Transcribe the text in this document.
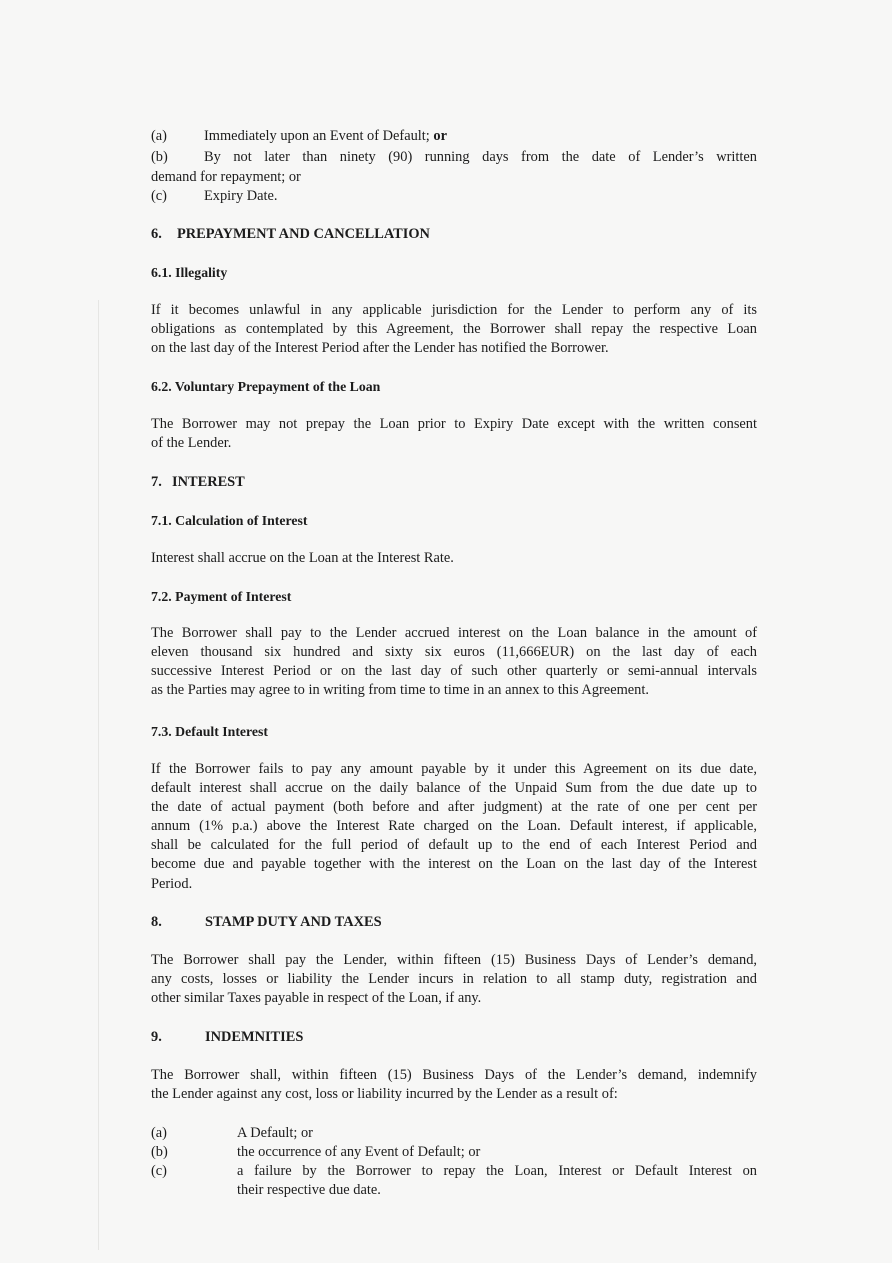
(a)	Immediately upon an Event of Default; or
(b)	By not later than ninety (90) running days from the date of Lender’s written
demand for repayment; or
(c)	Expiry Date.
6. PREPAYMENT AND CANCELLATION
6.1. Illegality
If it becomes unlawful in any applicable jurisdiction for the Lender to perform any of its
obligations as contemplated by this Agreement, the Borrower shall repay the respective Loan
on the last day of the Interest Period after the Lender has notified the Borrower.
6.2. Voluntary Prepayment of the Loan
The Borrower may not prepay the Loan prior to Expiry Date except with the written consent
of the Lender.
7. INTEREST
7.1. Calculation of Interest
Interest shall accrue on the Loan at the Interest Rate.
7.2. Payment of Interest
The Borrower shall pay to the Lender accrued interest on the Loan balance in the amount of
eleven thousand six hundred and sixty six euros (11,666EUR) on the last day of each
successive Interest Period or on the last day of such other quarterly or semi-annual intervals
as the Parties may agree to in writing from time to time in an annex to this Agreement.
7.3. Default Interest
If the Borrower fails to pay any amount payable by it under this Agreement on its due date,
default interest shall accrue on the daily balance of the Unpaid Sum from the due date up to
the date of actual payment (both before and after judgment) at the rate of one per cent per
annum (1% p.a.) above the Interest Rate charged on the Loan. Default interest, if applicable,
shall be calculated for the full period of default up to the end of each Interest Period and
become due and payable together with the interest on the Loan on the last day of the Interest
Period.
8.	STAMP DUTY AND TAXES
The Borrower shall pay the Lender, within fifteen (15) Business Days of Lender’s demand,
any costs, losses or liability the Lender incurs in relation to all stamp duty, registration and
other similar Taxes payable in respect of the Loan, if any.
9.	INDEMNITIES
The Borrower shall, within fifteen (15) Business Days of the Lender’s demand, indemnify
the Lender against any cost, loss or liability incurred by the Lender as a result of:
(a)	A Default; or
(b)	the occurrence of any Event of Default; or
(c)	a failure by the Borrower to repay the Loan, Interest or Default Interest on
their respective due date.
